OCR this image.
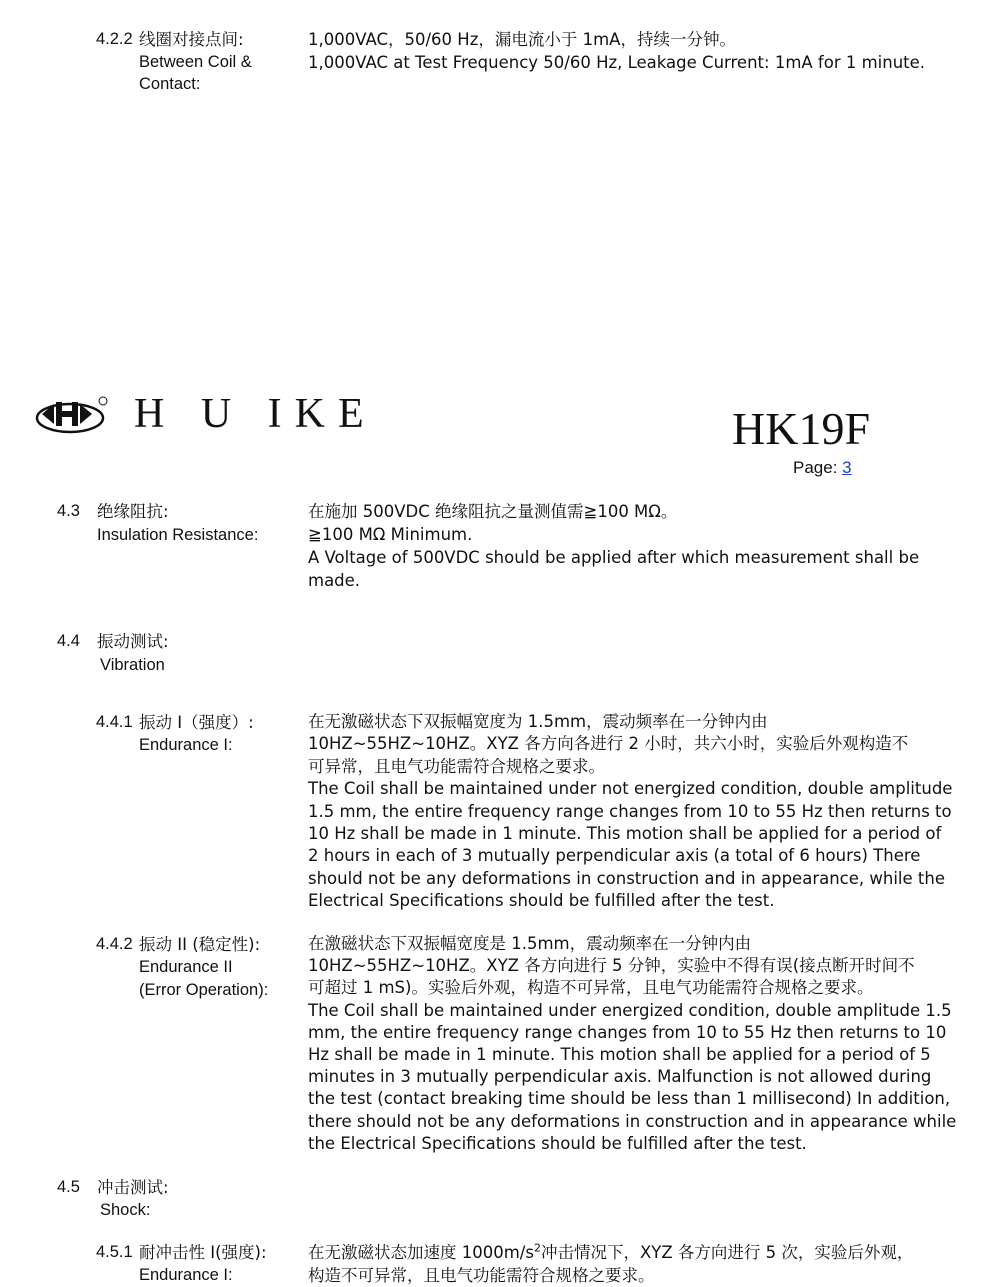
4.2.2 线圈对接点间:
Between Coil &
Contact:
1,000VAC，50/60 Hz，漏电流小于 1mA，持续一分钟。
1,000VAC at Test Frequency 50/60 Hz, Leakage Current: 1mA for 1 minute.
H U IKE	HK19F
Page: 3
4.3 绝缘阻抗:
Insulation Resistance:
在施加 500VDC 绝缘阻抗之量测值需≧100 MΩ。
≧100 MΩ Minimum.
A Voltage of 500VDC should be applied after which measurement shall be
made.
4.4 振动测试:
Vibration
4.4.1 振动 I（强度）:
Endurance I:
在无激磁状态下双振幅宽度为 1.5mm，震动频率在一分钟内由
10HZ~55HZ~10HZ。XYZ 各方向各进行 2 小时，共六小时，实验后外观构造不
可异常，且电气功能需符合规格之要求。
The Coil shall be maintained under not energized condition, double amplitude
1.5 mm, the entire frequency range changes from 10 to 55 Hz then returns to
10 Hz shall be made in 1 minute. This motion shall be applied for a period of
2 hours in each of 3 mutually perpendicular axis (a total of 6 hours) There
should not be any deformations in construction and in appearance, while the
Electrical Specifications should be fulfilled after the test.
4.4.2 振动 II (稳定性):
Endurance II
(Error Operation):
在激磁状态下双振幅宽度是 1.5mm，震动频率在一分钟内由
10HZ~55HZ~10HZ。XYZ 各方向进行 5 分钟，实验中不得有误(接点断开时间不
可超过 1 mS)。实验后外观，构造不可异常，且电气功能需符合规格之要求。
The Coil shall be maintained under energized condition, double amplitude 1.5
mm, the entire frequency range changes from 10 to 55 Hz then returns to 10
Hz shall be made in 1 minute. This motion shall be applied for a period of 5
minutes in 3 mutually perpendicular axis. Malfunction is not allowed during
the test (contact breaking time should be less than 1 millisecond) In addition,
there should not be any deformations in construction and in appearance while
the Electrical Specifications should be fulfilled after the test.
4.5 冲击测试:
Shock:
4.5.1 耐冲击性 I(强度):
Endurance I:
在无激磁状态加速度 $1000m/s^2$冲击情况下，XYZ 各方向进行 5 次，实验后外观，
构造不可异常，且电气功能需符合规格之要求。
